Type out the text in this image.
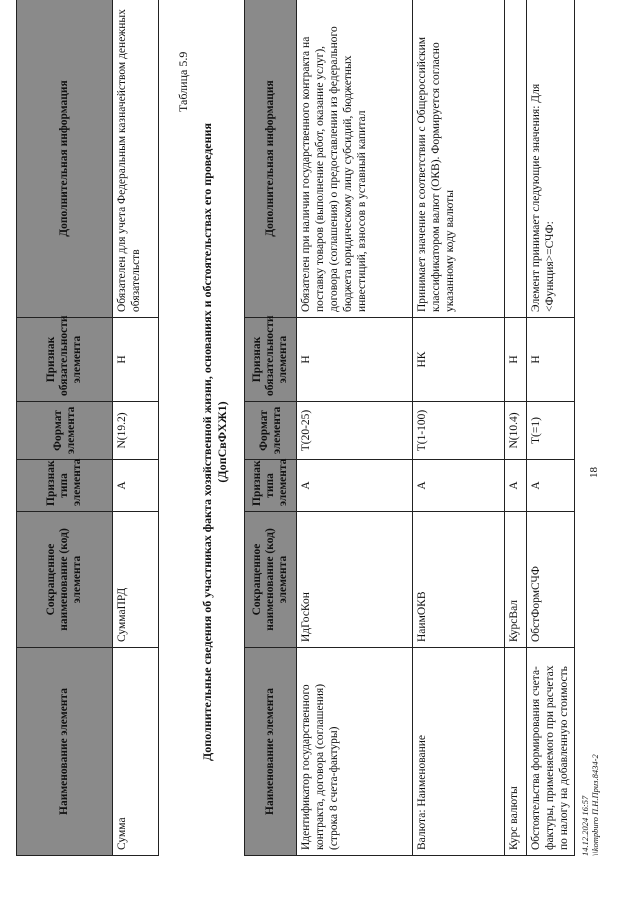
18
Наименование элемента	Сокращенное наименование (код) элемента	Признак типа элемента	Формат элемента	Признак обязательности элемента	Дополнительная информация
Сумма	СуммаПРД	А	N(19.2)	Н	Обязателен для учета Федеральным казначейством денежных обязательств
Таблица 5.9
Дополнительные сведения об участниках факта хозяйственной жизни, основаниях и обстоятельствах его проведения (ДопСвФХЖ1)
Наименование элемента	Сокращенное наименование (код) элемента	Признак типа элемента	Формат элемента	Признак обязательности элемента	Дополнительная информация
Идентификатор государственного контракта, договора (соглашения) (строка 8 счета-фактуры)	ИдГосКон	А	T(20-25)	Н	Обязателен при наличии государственного контракта на поставку товаров (выполнение работ, оказание услуг), договора (соглашения) о предоставлении из федерального бюджета юридическому лицу субсидий, бюджетных инвестиций, взносов в уставный капитал
Валюта: Наименование	НаимОКВ	А	T(1-100)	НК	Принимает значение в соответствии с Общероссийским классификатором валют (ОКВ). Формируется согласно указанному коду валюты
Курс валюты	КурсВал	А	N(10.4)	Н	
Обстоятельства формирования счета-фактуры, применяемого при расчетах по налогу на добавленную стоимость	ОбстФормСЧФ	А	T(=1)	Н	Элемент принимает следующие значения: Для <Функция>=СЧФ:
14.12.2024 16:57 \\kompburo П.Н.Приз.8434-2
